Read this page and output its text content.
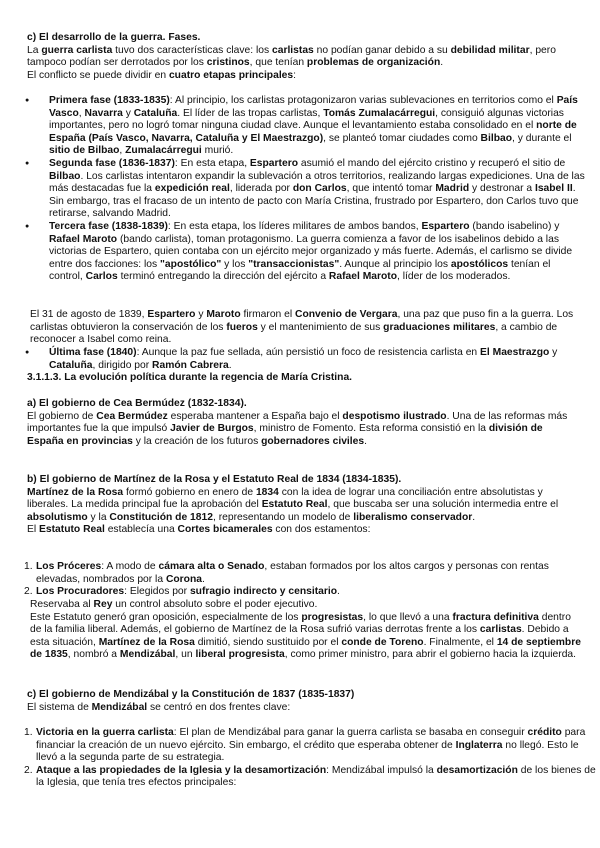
c) El desarrollo de la guerra. Fases.

La guerra carlista tuvo dos características clave: los carlistas no podían ganar debido a su debilidad militar, pero tampoco podían ser derrotados por los cristinos, que tenían problemas de organización.

El conflicto se puede dividir en cuatro etapas principales:

● Primera fase (1833-1835): Al principio, los carlistas protagonizaron varias sublevaciones en territorios como el País Vasco, Navarra y Cataluña. El líder de las tropas carlistas, Tomás Zumalacárregui, consiguió algunas victorias importantes, pero no logró tomar ninguna ciudad clave. Aunque el levantamiento estaba consolidado en el norte de España (País Vasco, Navarra, Cataluña y El Maestrazgo), se planteó tomar ciudades como Bilbao, y durante el sitio de Bilbao, Zumalacárregui murió.
● Segunda fase (1836-1837): En esta etapa, Espartero asumió el mando del ejército cristino y recuperó el sitio de Bilbao. Los carlistas intentaron expandir la sublevación a otros territorios, realizando largas expediciones. Una de las más destacadas fue la expedición real, liderada por don Carlos, que intentó tomar Madrid y destronar a Isabel II. Sin embargo, tras el fracaso de un intento de pacto con María Cristina, frustrado por Espartero, don Carlos tuvo que retirarse, salvando Madrid.
● Tercera fase (1838-1839): En esta etapa, los líderes militares de ambos bandos, Espartero (bando isabelino) y Rafael Maroto (bando carlista), toman protagonismo. La guerra comienza a favor de los isabelinos debido a las victorias de Espartero, quien contaba con un ejército mejor organizado y más fuerte. Además, el carlismo se divide entre dos facciones: los "apostólico" y los "transaccionistas". Aunque al principio los apostólicos tenían el control, Carlos terminó entregando la dirección del ejército a Rafael Maroto, líder de los moderados.

El 31 de agosto de 1839, Espartero y Maroto firmaron el Convenio de Vergara, una paz que puso fin a la guerra. Los carlistas obtuvieron la conservación de los fueros y el mantenimiento de sus graduaciones militares, a cambio de reconocer a Isabel como reina.

● Última fase (1840): Aunque la paz fue sellada, aún persistió un foco de resistencia carlista en El Maestrazgo y Cataluña, dirigido por Ramón Cabrera.
3.1.1.3. La evolución política durante la regencia de María Cristina.
a) El gobierno de Cea Bermúdez (1832-1834).

El gobierno de Cea Bermúdez esperaba mantener a España bajo el despotismo ilustrado. Una de las reformas más importantes fue la que impulsó Javier de Burgos, ministro de Fomento. Esta reforma consistió en la división de España en provincias y la creación de los futuros gobernadores civiles.

b) El gobierno de Martínez de la Rosa y el Estatuto Real de 1834 (1834-1835).

Martínez de la Rosa formó gobierno en enero de 1834 con la idea de lograr una conciliación entre absolutistas y liberales. La medida principal fue la aprobación del Estatuto Real, que buscaba ser una solución intermedia entre el absolutismo y la Constitución de 1812, representando un modelo de liberalismo conservador.

El Estatuto Real establecía una Cortes bicamerales con dos estamentos:

1. Los Próceres: A modo de cámara alta o Senado, estaban formados por los altos cargos y personas con rentas elevadas, nombrados por la Corona.
2. Los Procuradores: Elegidos por sufragio indirecto y censitario.

Reservaba al Rey un control absoluto sobre el poder ejecutivo.

Este Estatuto generó gran oposición, especialmente de los progresistas, lo que llevó a una fractura definitiva dentro de la familia liberal. Además, el gobierno de Martínez de la Rosa sufrió varias derrotas frente a los carlistas. Debido a esta situación, Martínez de la Rosa dimitió, siendo sustituido por el conde de Toreno. Finalmente, el 14 de septiembre de 1835, nombró a Mendizábal, un liberal progresista, como primer ministro, para abrir el gobierno hacia la izquierda.

c) El gobierno de Mendizábal y la Constitución de 1837 (1835-1837)

El sistema de Mendizábal se centró en dos frentes clave:

1. Victoria en la guerra carlista: El plan de Mendizábal para ganar la guerra carlista se basaba en conseguir crédito para financiar la creación de un nuevo ejército. Sin embargo, el crédito que esperaba obtener de Inglaterra no llegó. Esto le llevó a la segunda parte de su estrategia.
2. Ataque a las propiedades de la Iglesia y la desamortización: Mendizábal impulsó la desamortización de los bienes de la Iglesia, que tenía tres efectos principales:
